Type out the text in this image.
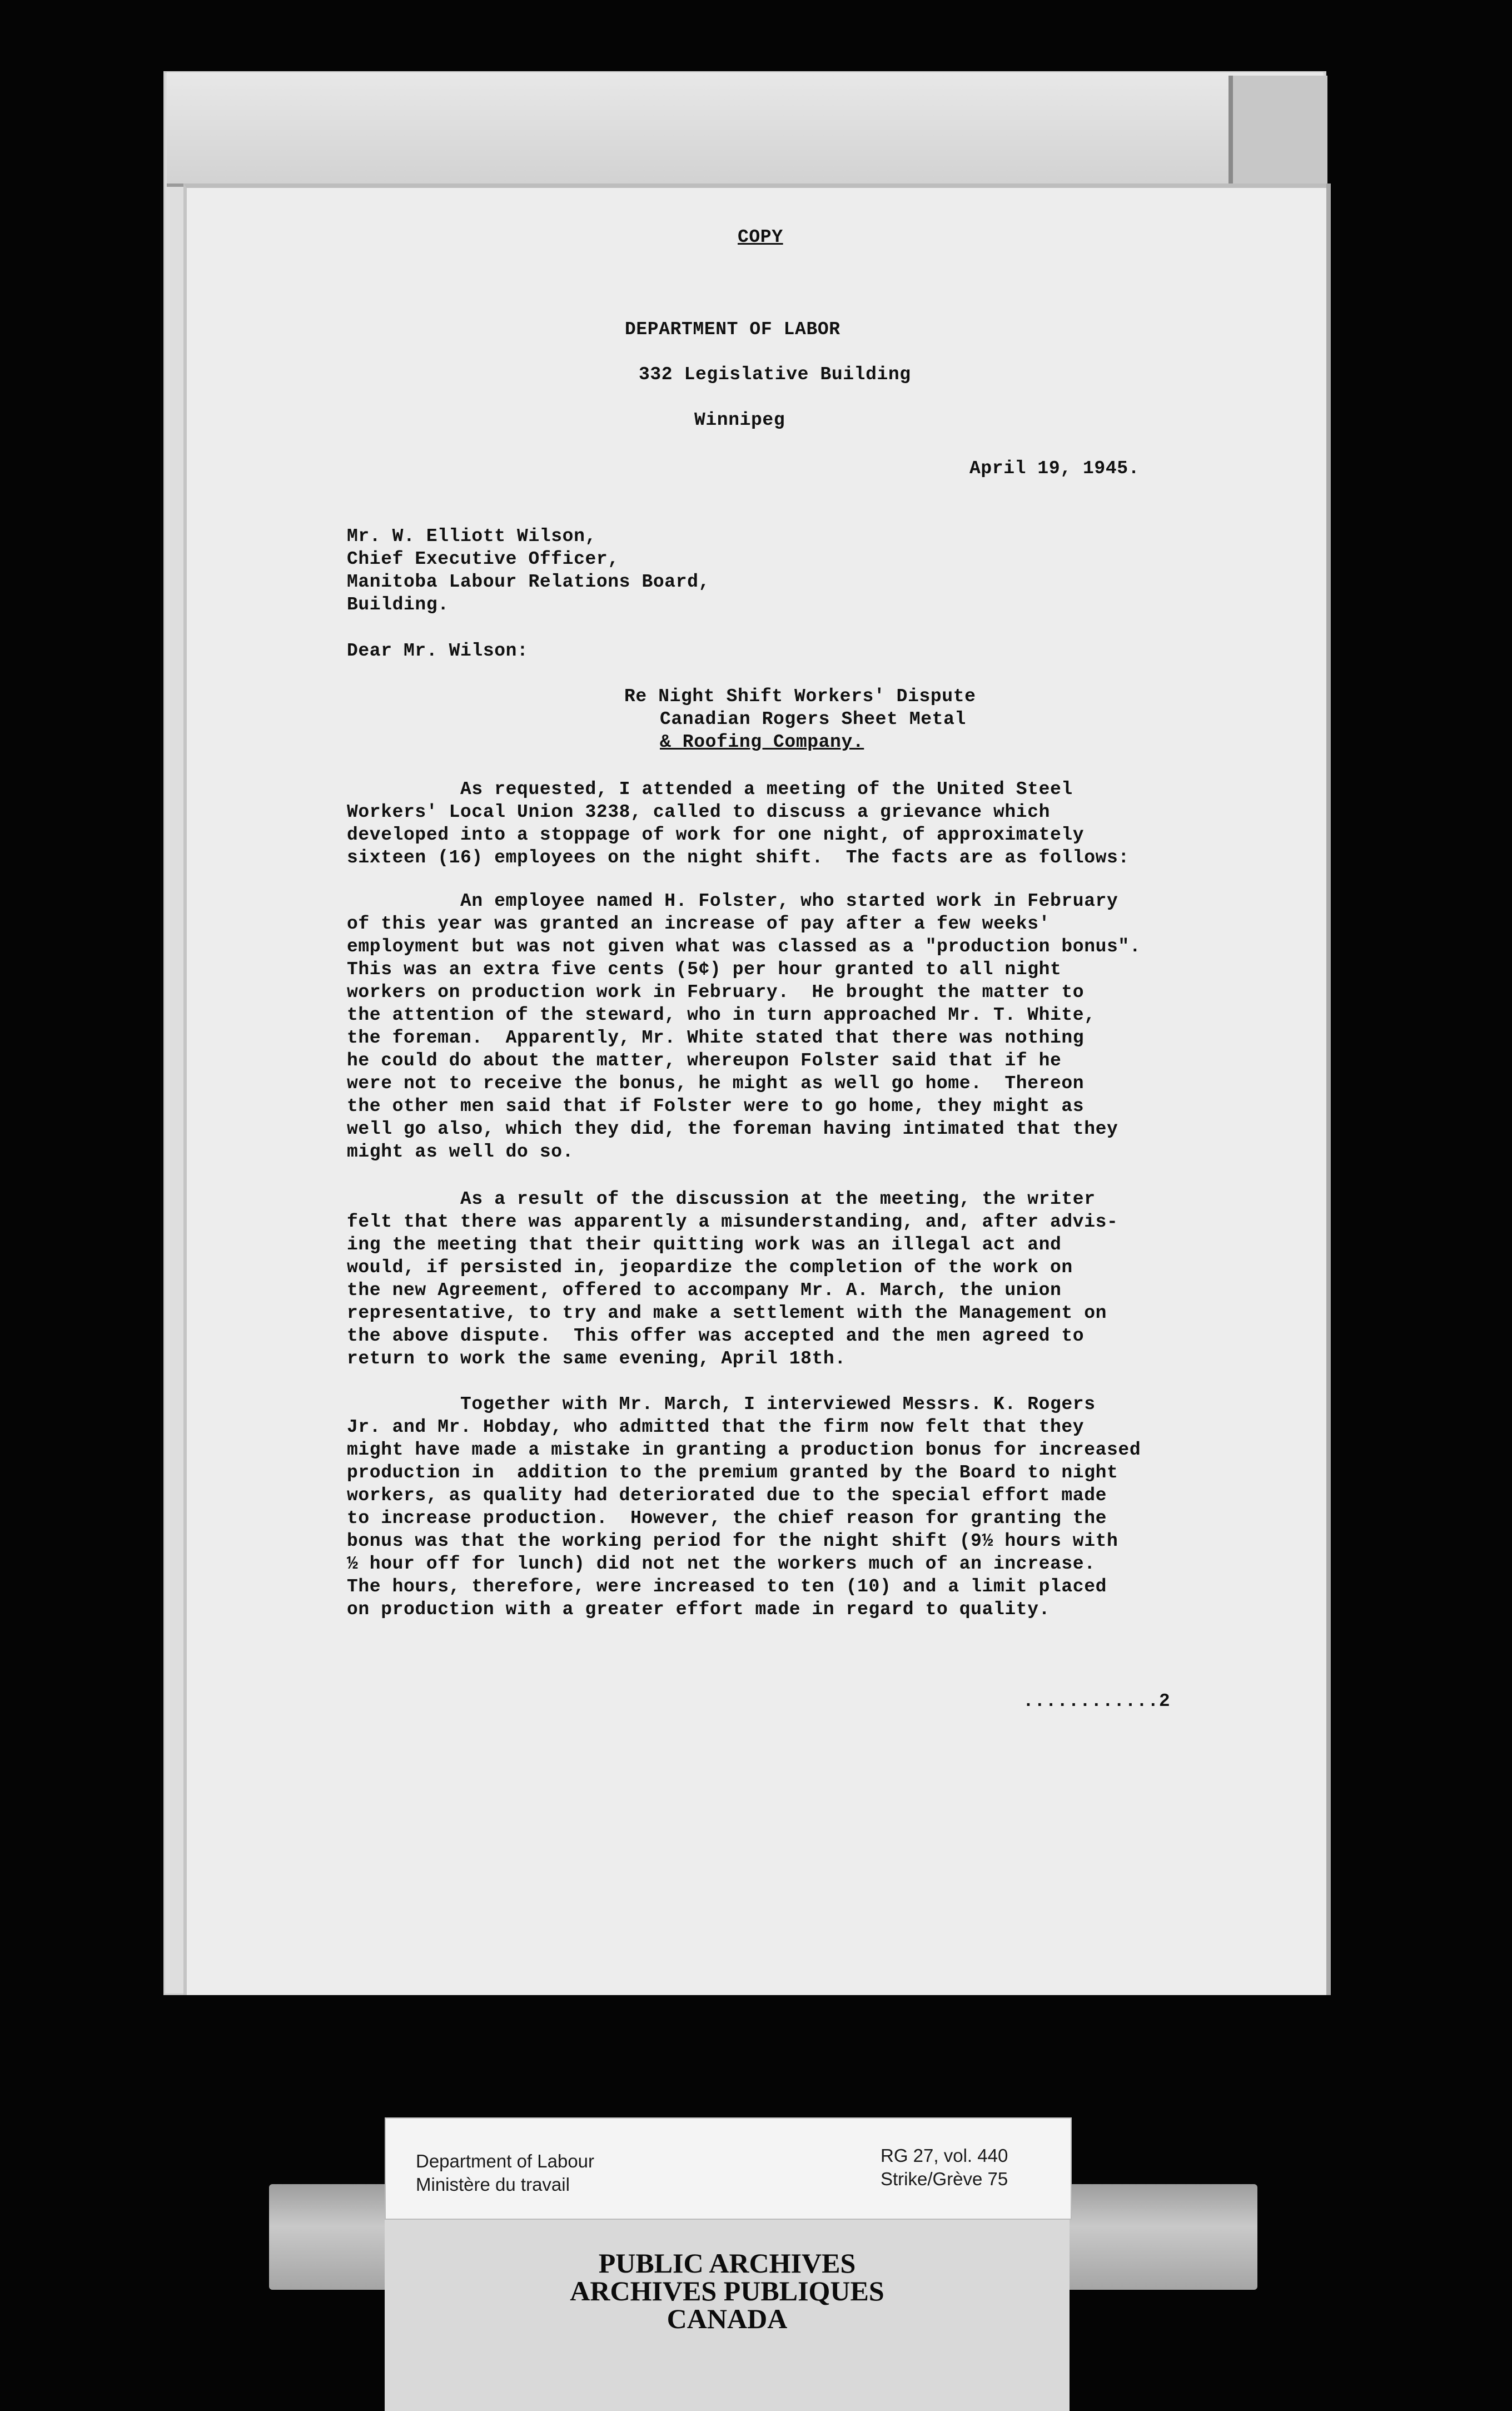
COPY
DEPARTMENT OF LABOR
332 Legislative Building
Winnipeg
April 19, 1945.
Mr. W. Elliott Wilson,
Chief Executive Officer,
Manitoba Labour Relations Board,
Building.
Dear Mr. Wilson:
Re Night Shift Workers' Dispute
Canadian Rogers Sheet Metal
& Roofing Company.
As requested, I attended a meeting of the United Steel
Workers' Local Union 3238, called to discuss a grievance which
developed into a stoppage of work for one night, of approximately
sixteen (16) employees on the night shift.  The facts are as follows:
An employee named H. Folster, who started work in February
of this year was granted an increase of pay after a few weeks'
employment but was not given what was classed as a "production bonus".
This was an extra five cents (5¢) per hour granted to all night
workers on production work in February.  He brought the matter to
the attention of the steward, who in turn approached Mr. T. White,
the foreman.  Apparently, Mr. White stated that there was nothing
he could do about the matter, whereupon Folster said that if he
were not to receive the bonus, he might as well go home.  Thereon
the other men said that if Folster were to go home, they might as
well go also, which they did, the foreman having intimated that they
might as well do so.
As a result of the discussion at the meeting, the writer
felt that there was apparently a misunderstanding, and, after advis-
ing the meeting that their quitting work was an illegal act and
would, if persisted in, jeopardize the completion of the work on
the new Agreement, offered to accompany Mr. A. March, the union
representative, to try and make a settlement with the Management on
the above dispute.  This offer was accepted and the men agreed to
return to work the same evening, April 18th.
Together with Mr. March, I interviewed Messrs. K. Rogers
Jr. and Mr. Hobday, who admitted that the firm now felt that they
might have made a mistake in granting a production bonus for increased
production in  addition to the premium granted by the Board to night
workers, as quality had deteriorated due to the special effort made
to increase production.  However, the chief reason for granting the
bonus was that the working period for the night shift (9½ hours with
½ hour off for lunch) did not net the workers much of an increase.
The hours, therefore, were increased to ten (10) and a limit placed
on production with a greater effort made in regard to quality.
............2
PUBLIC ARCHIVES
ARCHIVES PUBLIQUES
CANADA
Department of Labour
Ministère du travail
RG 27, vol. 440
Strike/Grève 75
